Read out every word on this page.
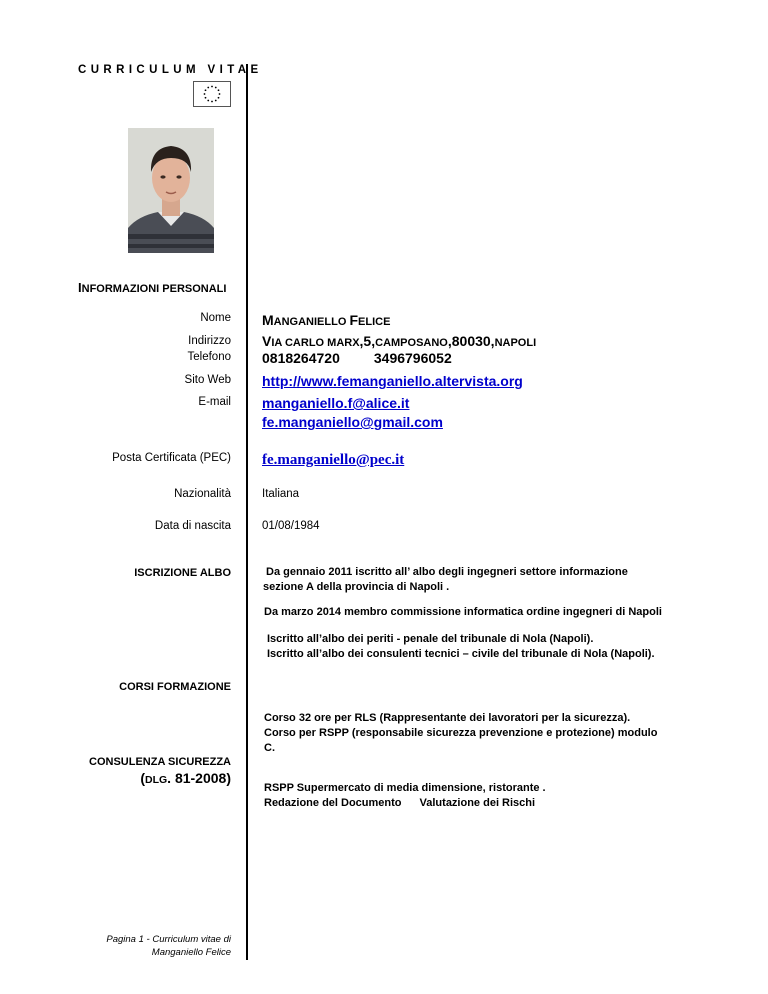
CURRICULUM VITAE
INFORMAZIONI PERSONALI
Nome
Indirizzo
Telefono
Sito Web
E-mail
Posta Certificata (PEC)
Nazionalità
Data di nascita
ISCRIZIONE ALBO
CORSI FORMAZIONE
CONSULENZA SICUREZZA
(DLG. 81-2008)
MANGANIELLO FELICE
VIA CARLO MARX,5,CAMPOSANO,80030,NAPOLI
0818264720 3496796052
http://www.femanganiello.altervista.org
manganiello.f@alice.it
fe.manganiello@gmail.com
fe.manganiello@pec.it
Italiana
01/08/1984
Da gennaio 2011 iscritto all’ albo degli ingegneri settore informazione
sezione A della provincia di Napoli .
Da marzo 2014 membro commissione informatica ordine ingegneri di Napoli
Iscritto all’albo dei periti - penale del tribunale di Nola (Napoli).
Iscritto all’albo dei consulenti tecnici – civile del tribunale di Nola (Napoli).
Corso 32 ore per RLS (Rappresentante dei lavoratori per la sicurezza).
Corso per RSPP (responsabile sicurezza prevenzione e protezione) modulo
C.
RSPP Supermercato di media dimensione, ristorante .
Redazione del Documento Valutazione dei Rischi
Pagina 1 - Curriculum vitae di
Manganiello Felice
